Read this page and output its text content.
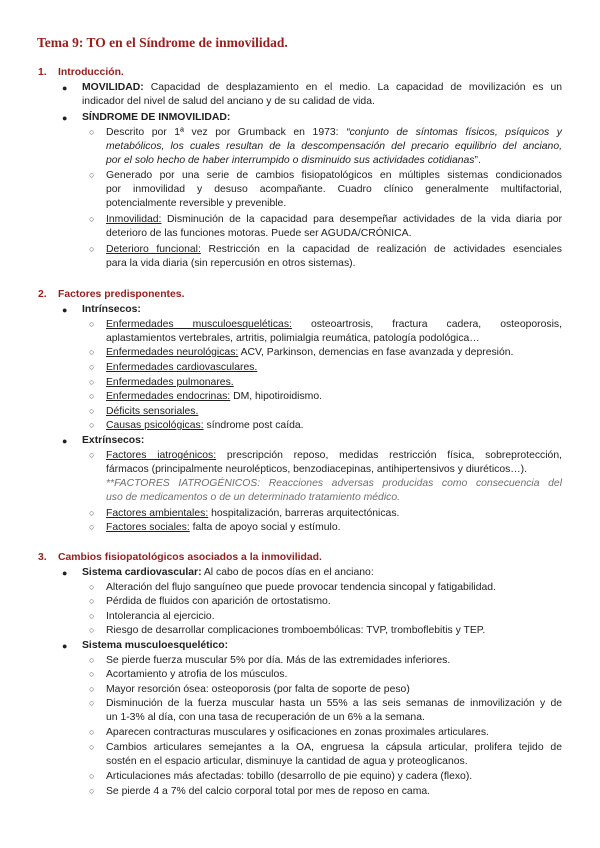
Tema 9: TO en el Síndrome de inmovilidad.
1. Introducción.
● MOVILIDAD: Capacidad de desplazamiento en el medio. La capacidad de movilización es un
indicador del nivel de salud del anciano y de su calidad de vida.
● SÍNDROME DE INMOVILIDAD:
○ Descrito por 1ª vez por Grumback en 1973: “conjunto de síntomas físicos, psíquicos y
metabólicos, los cuales resultan de la descompensación del precario equilibrio del anciano,
por el solo hecho de haber interrumpido o disminuido sus actividades cotidianas”.
○ Generado por una serie de cambios fisiopatológicos en múltiples sistemas condicionados
por inmovilidad y desuso acompañante. Cuadro clínico generalmente multifactorial,
potencialmente reversible y prevenible.
○ Inmovilidad: Disminución de la capacidad para desempeñar actividades de la vida diaria por
deterioro de las funciones motoras. Puede ser AGUDA/CRÓNICA.
○ Deterioro funcional: Restricción en la capacidad de realización de actividades esenciales
para la vida diaria (sin repercusión en otros sistemas).
2. Factores predisponentes.
● Intrínsecos:
○ Enfermedades musculoesqueléticas: osteoartrosis, fractura cadera, osteoporosis,
aplastamientos vertebrales, artritis, polimialgia reumática, patología podológica…
○ Enfermedades neurológicas: ACV, Parkinson, demencias en fase avanzada y depresión.
○ Enfermedades cardiovasculares.
○ Enfermedades pulmonares.
○ Enfermedades endocrinas: DM, hipotiroidismo.
○ Déficits sensoriales.
○ Causas psicológicas: síndrome post caída.
● Extrínsecos:
○ Factores iatrogénicos: prescripción reposo, medidas restricción física, sobreprotección,
fármacos (principalmente neurolépticos, benzodiacepinas, antihipertensivos y diuréticos…).
**FACTORES IATROGÉNICOS: Reacciones adversas producidas como consecuencia del
uso de medicamentos o de un determinado tratamiento médico.
○ Factores ambientales: hospitalización, barreras arquitectónicas.
○ Factores sociales: falta de apoyo social y estímulo.
3. Cambios fisiopatológicos asociados a la inmovilidad.
● Sistema cardiovascular: Al cabo de pocos días en el anciano:
○ Alteración del flujo sanguíneo que puede provocar tendencia sincopal y fatigabilidad.
○ Pérdida de fluidos con aparición de ortostatismo.
○ Intolerancia al ejercicio.
○ Riesgo de desarrollar complicaciones tromboembólicas: TVP, tromboflebitis y TEP.
● Sistema musculoesquelético:
○ Se pierde fuerza muscular 5% por día. Más de las extremidades inferiores.
○ Acortamiento y atrofia de los músculos.
○ Mayor resorción ósea: osteoporosis (por falta de soporte de peso)
○ Disminución de la fuerza muscular hasta un 55% a las seis semanas de inmovilización y de
un 1-3% al día, con una tasa de recuperación de un 6% a la semana.
○ Aparecen contracturas musculares y osificaciones en zonas proximales articulares.
○ Cambios articulares semejantes a la OA, engruesa la cápsula articular, prolifera tejido de
sostén en el espacio articular, disminuye la cantidad de agua y proteoglicanos.
○ Articulaciones más afectadas: tobillo (desarrollo de pie equino) y cadera (flexo).
○ Se pierde 4 a 7% del calcio corporal total por mes de reposo en cama.
